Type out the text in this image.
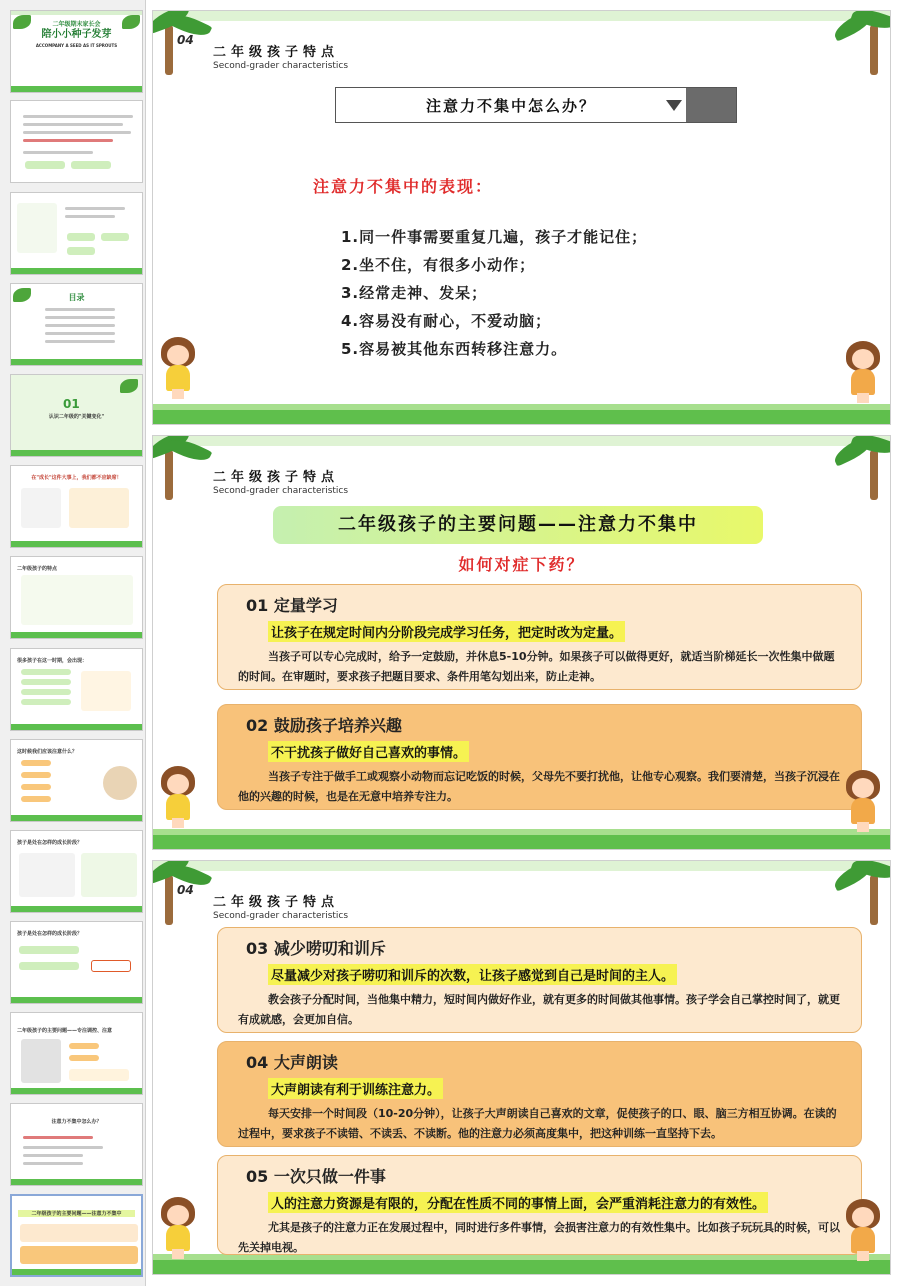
二年级期末家长会
陪小小种子发芽
ACCOMPANY A SEED AS IT SPROUTS
目录
01
认识二年级的"关键变化"
在"成长"这件大事上，我们都不应缺席！
二年级孩子的特点
很多孩子在这一时期，会出现：
这时候我们应该注意什么？
孩子是处在怎样的成长阶段？
孩子是处在怎样的成长阶段？
二年级孩子的主要问题——专注调控、注意
注意力不集中怎么办？
二年级孩子的主要问题——注意力不集中
04
二年级孩子特点
Second-grader characteristics
注意力不集中怎么办？
注意力不集中的表现：
1.同一件事需要重复几遍，孩子才能记住；
2.坐不住，有很多小动作；
3.经常走神、发呆；
4.容易没有耐心，不爱动脑；
5.容易被其他东西转移注意力。
二年级孩子特点
Second-grader characteristics
二年级孩子的主要问题——注意力不集中
如何对症下药？
01 定量学习
让孩子在规定时间内分阶段完成学习任务，把定时改为定量。
当孩子可以专心完成时，给予一定鼓励，并休息5-10分钟。如果孩子可以做得更好，就适当阶梯延长一次性集中做题的时间。在审题时，要求孩子把题目要求、条件用笔勾划出来，防止走神。
02 鼓励孩子培养兴趣
不干扰孩子做好自己喜欢的事情。
当孩子专注于做手工或观察小动物而忘记吃饭的时候，父母先不要打扰他，让他专心观察。我们要清楚，当孩子沉浸在他的兴趣的时候，也是在无意中培养专注力。
04
二年级孩子特点
Second-grader characteristics
03 减少唠叨和训斥
尽量减少对孩子唠叨和训斥的次数，让孩子感觉到自己是时间的主人。
教会孩子分配时间，当他集中精力，短时间内做好作业，就有更多的时间做其他事情。孩子学会自己掌控时间了，就更有成就感，会更加自信。
04 大声朗读
大声朗读有利于训练注意力。
每天安排一个时间段（10-20分钟），让孩子大声朗读自己喜欢的文章，促使孩子的口、眼、脑三方相互协调。在读的过程中，要求孩子不读错、不读丢、不读断。他的注意力必须高度集中，把这种训练一直坚持下去。
05 一次只做一件事
人的注意力资源是有限的，分配在性质不同的事情上面，会严重消耗注意力的有效性。
尤其是孩子的注意力正在发展过程中，同时进行多件事情，会损害注意力的有效性集中。比如孩子玩玩具的时候，可以先关掉电视。
